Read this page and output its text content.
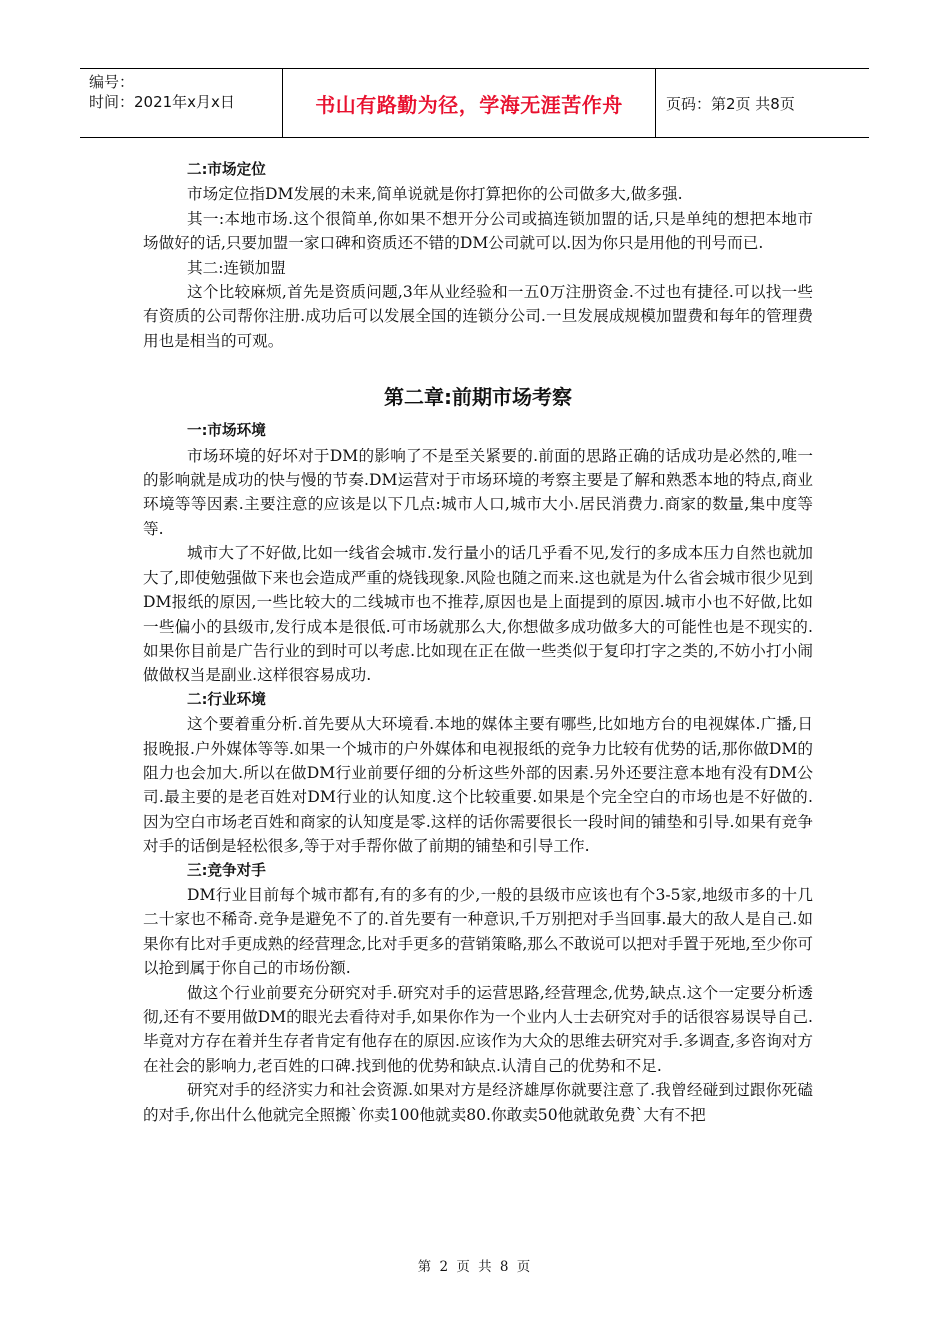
编号：
时间：2021年x月x日	书山有路勤为径，学海无涯苦作舟	页码：第2页 共8页

二:市场定位

市场定位指DM发展的未来,简单说就是你打算把你的公司做多大,做多强.

其一:本地市场.这个很简单,你如果不想开分公司或搞连锁加盟的话,只是单纯的想把本地市场做好的话,只要加盟一家口碑和资质还不错的DM公司就可以.因为你只是用他的刊号而已.

其二:连锁加盟

这个比较麻烦,首先是资质问题,3年从业经验和一五0万注册资金.不过也有捷径.可以找一些有资质的公司帮你注册.成功后可以发展全国的连锁分公司.一旦发展成规模加盟费和每年的管理费用也是相当的可观。

第二章:前期市场考察

一:市场环境

市场环境的好坏对于DM的影响了不是至关紧要的.前面的思路正确的话成功是必然的,唯一的影响就是成功的快与慢的节奏.DM运营对于市场环境的考察主要是了解和熟悉本地的特点,商业环境等等因素.主要注意的应该是以下几点:城市人口,城市大小.居民消费力.商家的数量,集中度等等.

城市大了不好做,比如一线省会城市.发行量小的话几乎看不见,发行的多成本压力自然也就加大了,即使勉强做下来也会造成严重的烧钱现象.风险也随之而来.这也就是为什么省会城市很少见到DM报纸的原因,一些比较大的二线城市也不推荐,原因也是上面提到的原因.城市小也不好做,比如一些偏小的县级市,发行成本是很低.可市场就那么大,你想做多成功做多大的可能性也是不现实的.如果你目前是广告行业的到时可以考虑.比如现在正在做一些类似于复印打字之类的,不妨小打小闹做做权当是副业.这样很容易成功.

二:行业环境

这个要着重分析.首先要从大环境看.本地的媒体主要有哪些,比如地方台的电视媒体.广播,日报晚报.户外媒体等等.如果一个城市的户外媒体和电视报纸的竞争力比较有优势的话,那你做DM的阻力也会加大.所以在做DM行业前要仔细的分析这些外部的因素.另外还要注意本地有没有DM公司.最主要的是老百姓对DM行业的认知度.这个比较重要.如果是个完全空白的市场也是不好做的.因为空白市场老百姓和商家的认知度是零.这样的话你需要很长一段时间的铺垫和引导.如果有竞争对手的话倒是轻松很多,等于对手帮你做了前期的铺垫和引导工作.

三:竞争对手

DM行业目前每个城市都有,有的多有的少,一般的县级市应该也有个3-5家,地级市多的十几二十家也不稀奇.竞争是避免不了的.首先要有一种意识,千万别把对手当回事.最大的敌人是自己.如果你有比对手更成熟的经营理念,比对手更多的营销策略,那么不敢说可以把对手置于死地,至少你可以抢到属于你自己的市场份额.

做这个行业前要充分研究对手.研究对手的运营思路,经营理念,优势,缺点.这个一定要分析透彻,还有不要用做DM的眼光去看待对手,如果你作为一个业内人士去研究对手的话很容易误导自己.毕竟对方存在着并生存者肯定有他存在的原因.应该作为大众的思维去研究对手.多调查,多咨询对方在社会的影响力,老百姓的口碑.找到他的优势和缺点.认清自己的优势和不足.

研究对手的经济实力和社会资源.如果对方是经济雄厚你就要注意了.我曾经碰到过跟你死磕的对手,你出什么他就完全照搬`你卖100他就卖80.你敢卖50他就敢免费`大有不把

第 2 页 共 8 页
